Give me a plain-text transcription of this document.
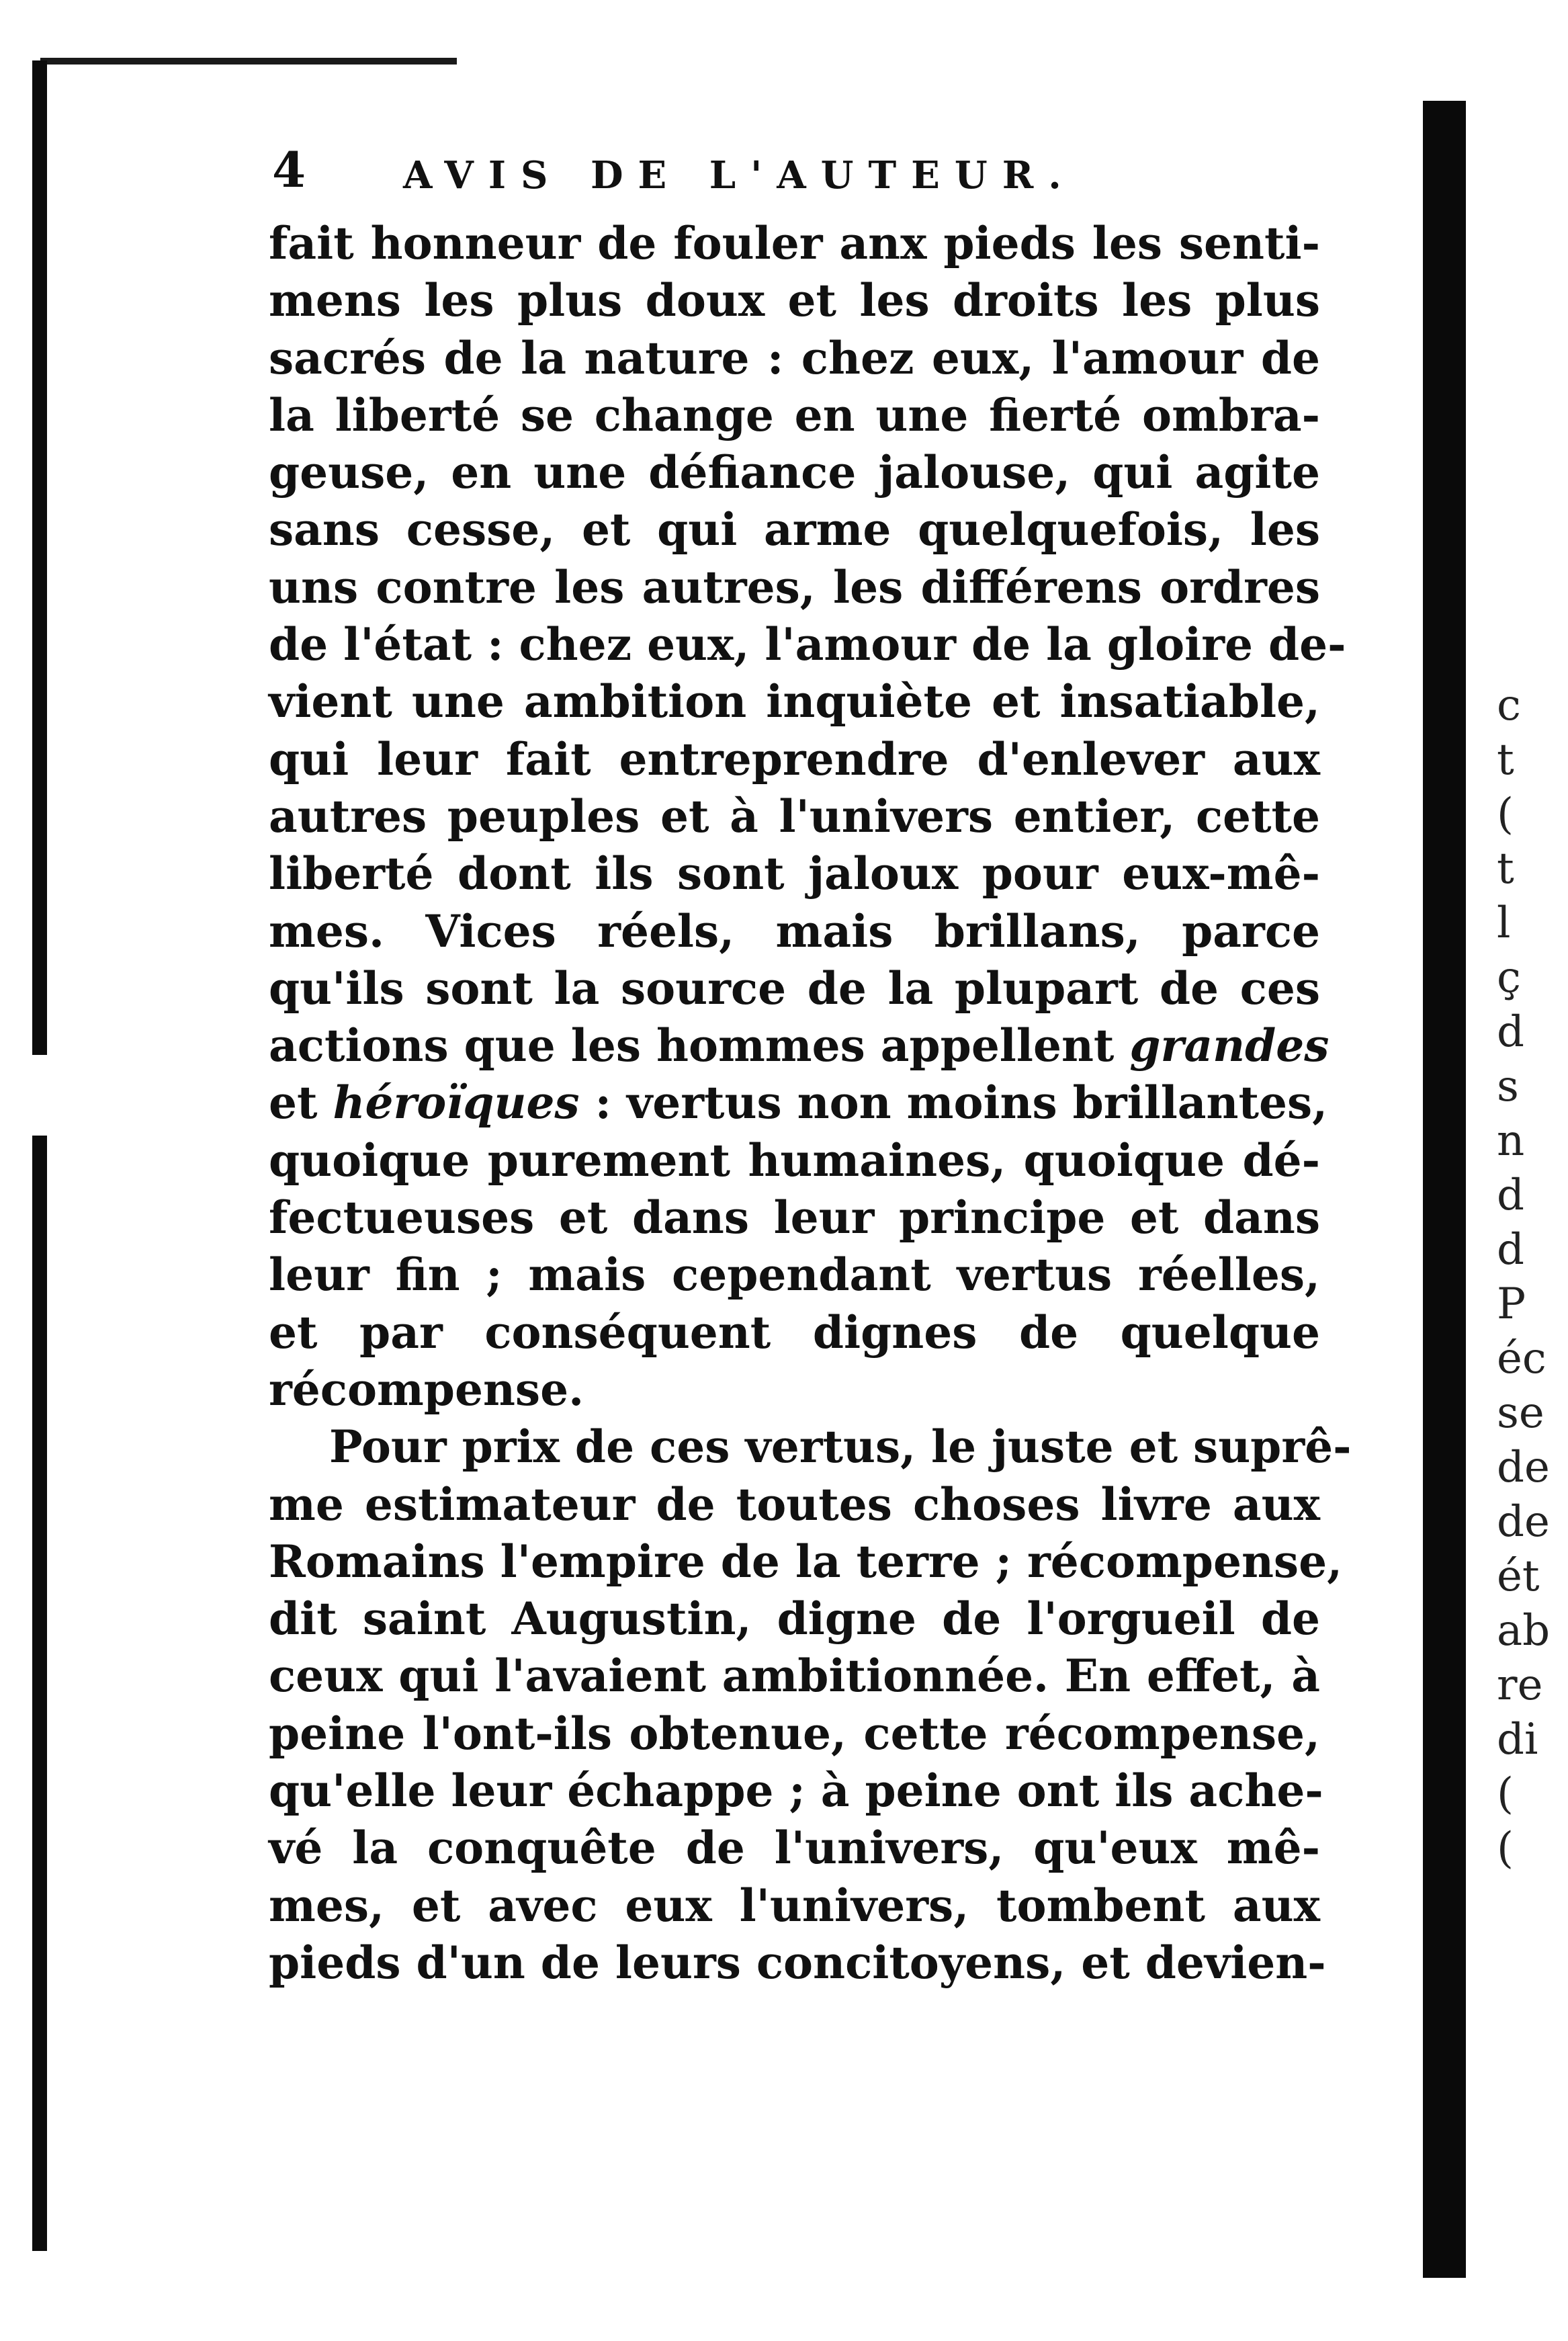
c
t
(
t
l
ç
d
s
n
d
d
P
éc
se
de
de
ét
ab
re
di
(
(
4	AVIS DE L'AUTEUR.

fait honneur de fouler anx pieds les senti-
mens les plus doux et les droits les plus
sacrés de la nature : chez eux, l'amour de
la liberté se change en une fierté ombra-
geuse, en une défiance jalouse, qui agite
sans cesse, et qui arme quelquefois, les
uns contre les autres, les différens ordres
de l'état : chez eux, l'amour de la gloire de-
vient une ambition inquiète et insatiable,
qui leur fait entreprendre d'enlever aux
autres peuples et à l'univers entier, cette
liberté dont ils sont jaloux pour eux-mê-
mes. Vices réels, mais brillans, parce
qu'ils sont la source de la plupart de ces
actions que les hommes appellent grandes
et héroïques : vertus non moins brillantes,
quoique purement humaines, quoique dé-
fectueuses et dans leur principe et dans
leur fin ; mais cependant vertus réelles,
et par conséquent dignes de quelque
récompense.

Pour prix de ces vertus, le juste et suprê-
me estimateur de toutes choses livre aux
Romains l'empire de la terre ; récompense,
dit saint Augustin, digne de l'orgueil de
ceux qui l'avaient ambitionnée. En effet, à
peine l'ont-ils obtenue, cette récompense,
qu'elle leur échappe ; à peine ont ils ache-
vé la conquête de l'univers, qu'eux mê-
mes, et avec eux l'univers, tombent aux
pieds d'un de leurs concitoyens, et devien-
